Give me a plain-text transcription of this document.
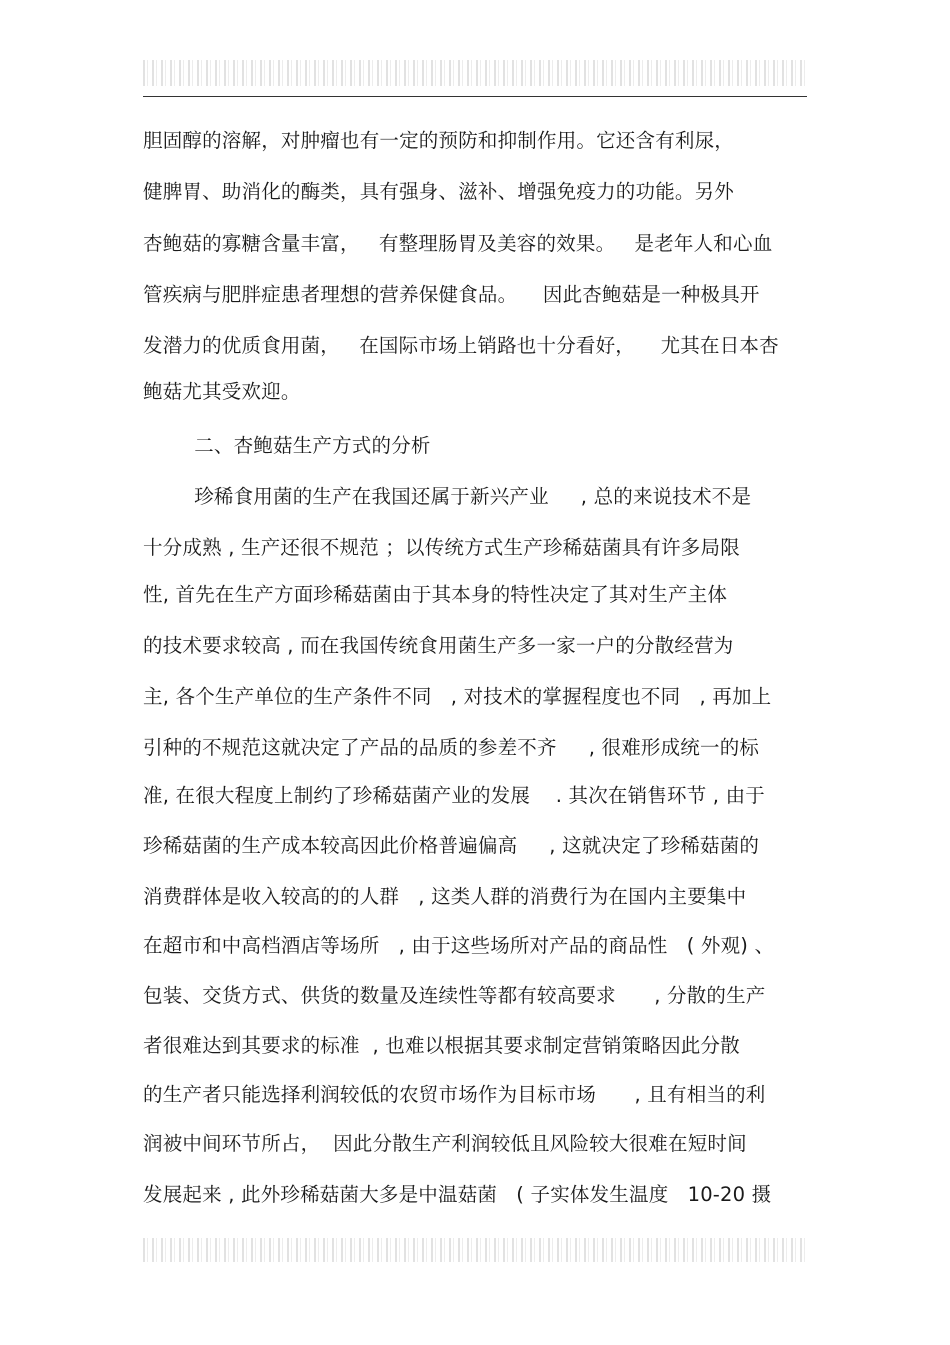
胆固醇的溶解，对肿瘤也有一定的预防和抑制作用。它还含有利尿，

健脾胃、助消化的酶类，具有强身、滋补、增强免疫力的功能。另外

杏鲍菇的寡糖含量丰富，   有整理肠胃及美容的效果。   是老年人和心血

管疾病与肥胖症患者理想的营养保健食品。    因此杏鲍菇是一种极具开

发潜力的优质食用菌，   在国际市场上销路也十分看好，    尤其在日本杏

鲍菇尤其受欢迎。

二、杏鲍菇生产方式的分析

珍稀食用菌的生产在我国还属于新兴产业     , 总的来说技术不是

十分成熟 , 生产还很不规范 ；以传统方式生产珍稀菇菌具有许多局限

性, 首先在生产方面珍稀菇菌由于其本身的特性决定了其对生产主体

的技术要求较高 , 而在我国传统食用菌生产多一家一户的分散经营为

主, 各个生产单位的生产条件不同   , 对技术的掌握程度也不同   , 再加上

引种的不规范这就决定了产品的品质的参差不齐     , 很难形成统一的标

准, 在很大程度上制约了珍稀菇菌产业的发展    . 其次在销售环节 , 由于

珍稀菇菌的生产成本较高因此价格普遍偏高     , 这就决定了珍稀菇菌的

消费群体是收入较高的的人群   , 这类人群的消费行为在国内主要集中

在超市和中高档酒店等场所   , 由于这些场所对产品的商品性   ( 外观) 、

包装、交货方式、供货的数量及连续性等都有较高要求      , 分散的生产

者很难达到其要求的标准  , 也难以根据其要求制定营销策略因此分散

的生产者只能选择利润较低的农贸市场作为目标市场      , 且有相当的利

润被中间环节所占，  因此分散生产利润较低且风险较大很难在短时间

发展起来 , 此外珍稀菇菌大多是中温菇菌   ( 子实体发生温度   10-20 摄
